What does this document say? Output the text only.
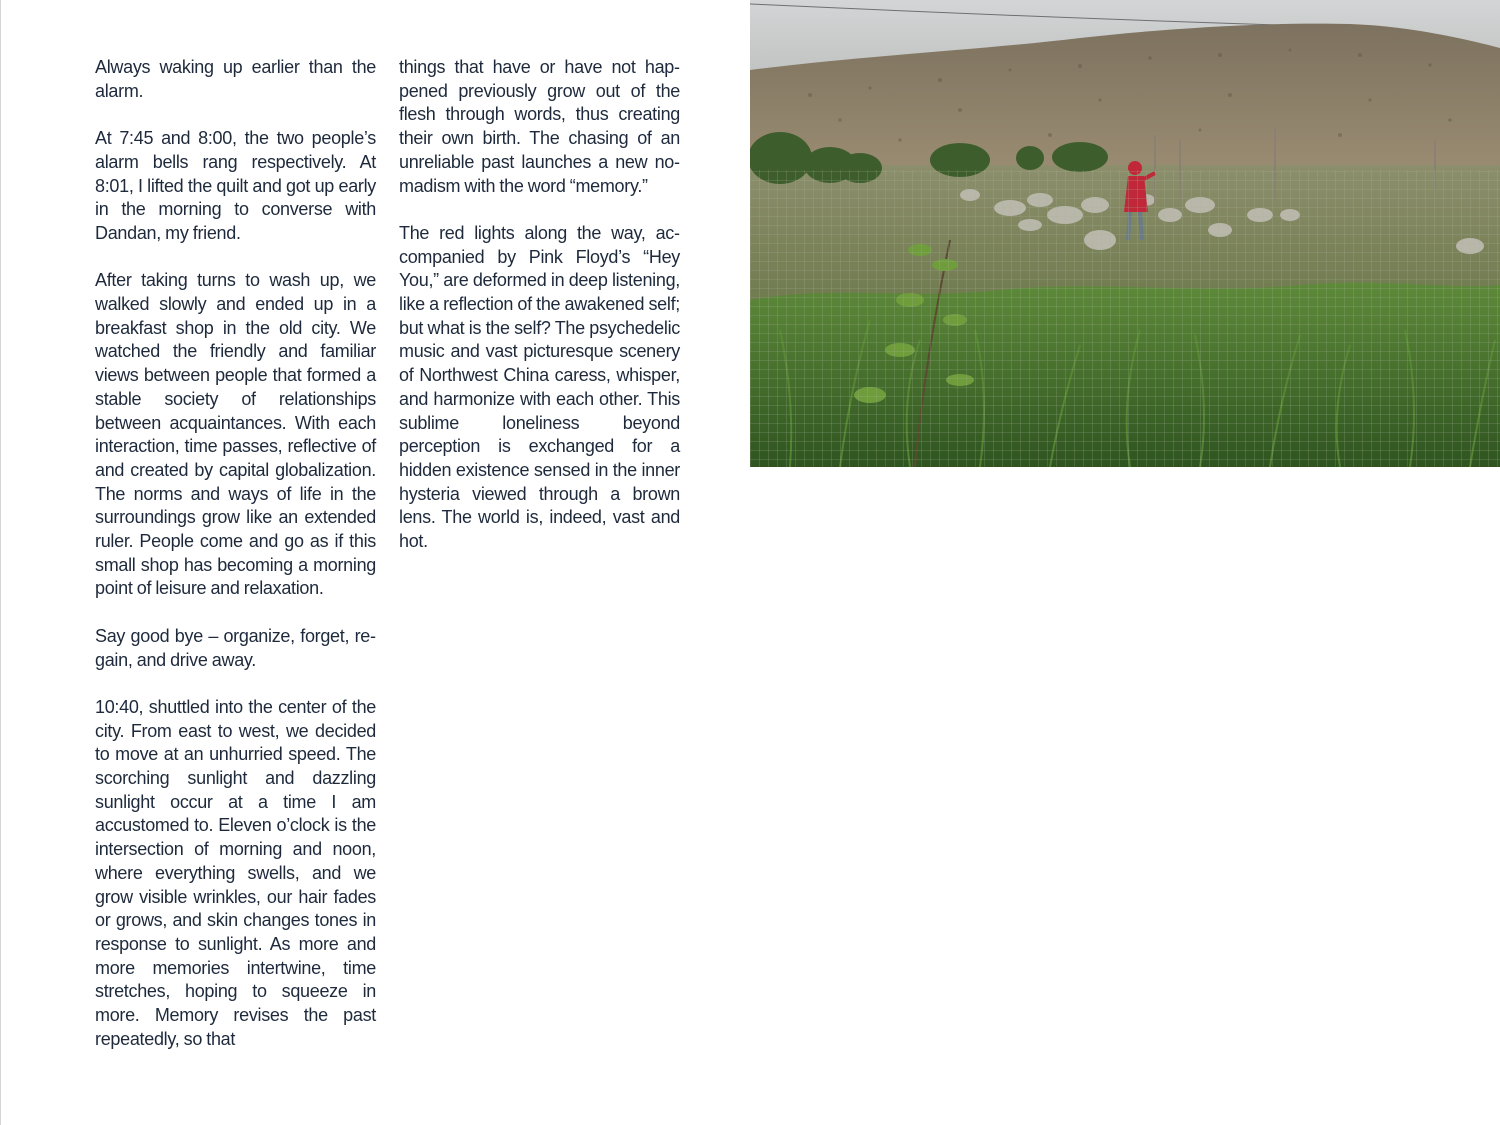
Always waking up earlier than the alarm.

At 7:45 and 8:00, the two people’s alarm bells rang respectively. At 8:01, I lifted the quilt and got up early in the morning to converse with Dandan, my friend.

After taking turns to wash up, we walked slowly and ended up in a breakfast shop in the old city. We watched the friendly and familiar views between people that formed a stable society of relationships between acquaintances. With each interaction, time passes, reflective of and created by capital globalization. The norms and ways of life in the surroundings grow like an extended ruler. People come and go as if this small shop has becoming a morning point of leisure and relaxation.

Say good bye – organize, forget, regain, and drive away.

10:40, shuttled into the center of the city. From east to west, we decided to move at an unhurried speed. The scorching sunlight and dazzling sunlight occur at a time I am accustomed to. Eleven o’clock is the intersection of morning and noon, where everything swells, and we grow visible wrinkles, our hair fades or grows, and skin changes tones in response to sunlight. As more and more memories intertwine, time stretches, hoping to squeeze in more. Memory revises the past repeatedly, so that

things that have or have not happened previously grow out of the flesh through words, thus creating their own birth. The chasing of an unreliable past launches a new nomadism with the word “memory.”

The red lights along the way, accompanied by Pink Floyd’s “Hey You,” are deformed in deep listening, like a reflection of the awakened self; but what is the self? The psychedelic music and vast picturesque scenery of Northwest China caress, whisper, and harmonize with each other. This sublime loneliness beyond perception is exchanged for a hidden existence sensed in the inner hysteria viewed through a brown lens. The world is, indeed, vast and hot.
